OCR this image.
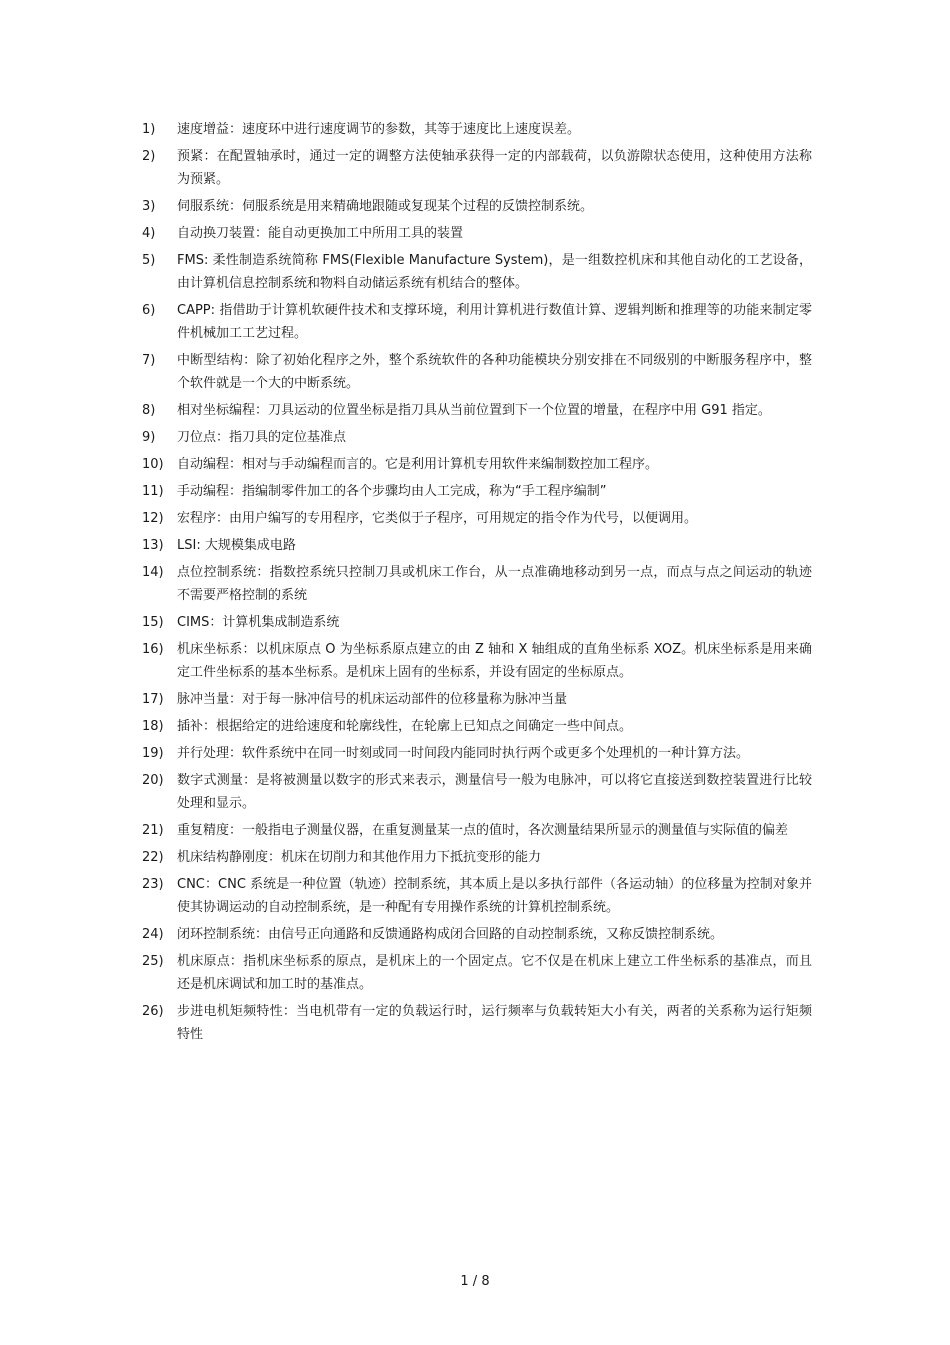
1)	速度增益：速度环中进行速度调节的参数，其等于速度比上速度误差。
2)	预紧：在配置轴承时，通过一定的调整方法使轴承获得一定的内部载荷，以负游隙状态使用，这种使用方法称为预紧。
3)	伺服系统：伺服系统是用来精确地跟随或复现某个过程的反馈控制系统。
4)	自动换刀装置：能自动更换加工中所用工具的装置
5)	FMS: 柔性制造系统简称 FMS(Flexible Manufacture System)，是一组数控机床和其他自动化的工艺设备，由计算机信息控制系统和物料自动储运系统有机结合的整体。
6)	CAPP: 指借助于计算机软硬件技术和支撑环境，利用计算机进行数值计算、逻辑判断和推理等的功能来制定零件机械加工工艺过程。
7)	中断型结构：除了初始化程序之外，整个系统软件的各种功能模块分别安排在不同级别的中断服务程序中，整个软件就是一个大的中断系统。
8)	相对坐标编程：刀具运动的位置坐标是指刀具从当前位置到下一个位置的增量，在程序中用 G91 指定。
9)	刀位点：指刀具的定位基准点
10)	自动编程：相对与手动编程而言的。它是利用计算机专用软件来编制数控加工程序。
11)	手动编程：指编制零件加工的各个步骤均由人工完成，称为“手工程序编制”
12)	宏程序：由用户编写的专用程序，它类似于子程序，可用规定的指令作为代号，以便调用。
13)	LSI: 大规模集成电路
14)	点位控制系统：指数控系统只控制刀具或机床工作台，从一点准确地移动到另一点，而点与点之间运动的轨迹不需要严格控制的系统
15)	CIMS：计算机集成制造系统
16)	机床坐标系：以机床原点 O 为坐标系原点建立的由 Z 轴和 X 轴组成的直角坐标系 XOZ。机床坐标系是用来确定工件坐标系的基本坐标系。是机床上固有的坐标系，并设有固定的坐标原点。
17)	脉冲当量：对于每一脉冲信号的机床运动部件的位移量称为脉冲当量
18)	插补：根据给定的进给速度和轮廓线性，在轮廓上已知点之间确定一些中间点。
19)	并行处理：软件系统中在同一时刻或同一时间段内能同时执行两个或更多个处理机的一种计算方法。
20)	数字式测量：是将被测量以数字的形式来表示，测量信号一般为电脉冲，可以将它直接送到数控装置进行比较处理和显示。
21)	重复精度：一般指电子测量仪器，在重复测量某一点的值时，各次测量结果所显示的测量值与实际值的偏差
22)	机床结构静刚度：机床在切削力和其他作用力下抵抗变形的能力
23)	CNC：CNC 系统是一种位置（轨迹）控制系统，其本质上是以多执行部件（各运动轴）的位移量为控制对象并使其协调运动的自动控制系统，是一种配有专用操作系统的计算机控制系统。
24)	闭环控制系统：由信号正向通路和反馈通路构成闭合回路的自动控制系统，又称反馈控制系统。
25)	机床原点：指机床坐标系的原点，是机床上的一个固定点。它不仅是在机床上建立工件坐标系的基准点，而且还是机床调试和加工时的基准点。
26)	步进电机矩频特性：当电机带有一定的负载运行时，运行频率与负载转矩大小有关，两者的关系称为运行矩频特性
1 / 8
